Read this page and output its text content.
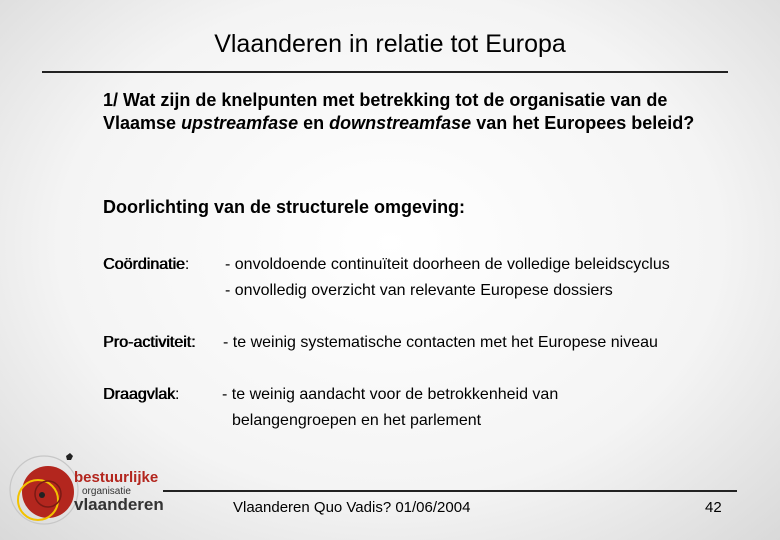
Vlaanderen in relatie tot Europa
1/ Wat zijn de knelpunten met betrekking tot de organisatie van de Vlaamse upstreamfase en downstreamfase van het Europees beleid?
Doorlichting van de structurele omgeving:
Coördinatie: - onvoldoende continuïteit doorheen de volledige beleidscyclus
- onvolledig overzicht van relevante Europese dossiers
Pro-activiteit: - te weinig systematische contacten met het Europese niveau
Draagvlak:	- te weinig aandacht voor de betrokkenheid van
belangengroepen en het parlement
bestuurlijke
organisatie
vlaanderen	Vlaanderen Quo Vadis? 01/06/2004	42
